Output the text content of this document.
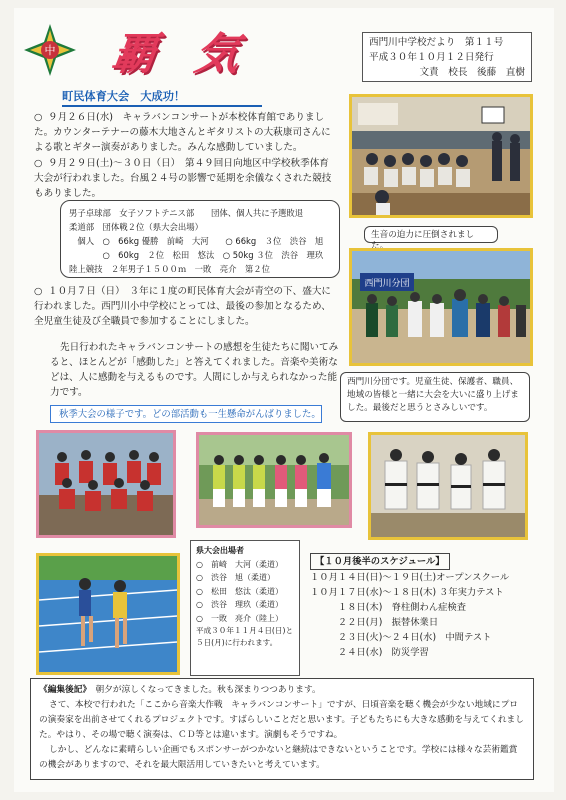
中 覇 気	西門川中学校だより　第１１号
平成３０年１０月１２日発行
文責　校長　後藤　直樹
町民体育大会　大成功！
○ ９月２６日(水)　キャラバンコンサートが本校体育館でありました。カウンターテナーの藤木大地さんとギタリストの大萩康司さんによる歌とギター演奏がありました。みんな感動していました。
○ ９月２９日(土)〜３０日（日）　第４９回日向地区中学校秋季体育大会が行われました。台風２４号の影響で延期を余儀なくされた競技もありました。
男子卓球部　女子ソフトテニス部　　団体、個人共に予選敗退
柔道部　団体戦２位（県大会出場）
　個人　○　66kg 優勝　前崎　大河　　○ 66kg　３位　渋谷　旭
　　　　○　60kg　２位　松田　悠汰　○ 50kg ３位　渋谷　理玖
陸上競技　２年男子１５００ｍ　一敗　亮介　第２位
○ １０月７日（日）　３年に１度の町民体育大会が青空の下、盛大に行われました。西門川小中学校にとっては、最後の参加となるため、全児童生徒及び全職員で参加することにしました。
先日行われたキャラバンコンサートの感想を生徒たちに聞いてみると、ほとんどが「感動した」と答えてくれました。音楽や美術などは、人に感動を与えるものです。人間にしか与えられなかった能力です。
生音の迫力に圧倒されました。
西門川分団
西門川分団です。児童生徒、保護者、職員、地域の皆様と一緒に大会を大いに盛り上げました。最後だと思うとさみしいです。
秋季大会の様子です。どの部活動も一生懸命がんばりました。
県大会出場者
○　前崎　大河（柔道）
○　渋谷　旭（柔道）
○　松田　悠汰（柔道）
○　渋谷　理玖（柔道）
○　一敗　亮介（陸上）
平成３０年１１月４日(日)と５日(月)に行われます。
【１０月後半のスケジュール】
１０月１４日(日)〜１９日(土)オープンスクール
１０月１７日(水)〜１８日(木) ３年実力テスト
　　　１８日(木)　脊柱側わん症検査
　　　２２日(月)　振替休業日
　　　２３日(火)〜２４日(水)　中間テスト
　　　２４日(水)　防災学習
《編集後記》　 朝夕が涼しくなってきました。秋も深まりつつあります。
さて、本校で行われた「ここから音楽大作戦　キャラバンコンサート」ですが、日頃音楽を聴く機会が少ない地域にプロの演奏家を出前させてくれるプロジェクトです。すばらしいことだと思います。子どもたちにも大きな感動を与えてくれました。やはり、その場で聴く演奏は、ＣＤ等とは違います。演劇もそうですね。
しかし、どんなに素晴らしい企画でもスポンサーがつかないと継続はできないということです。学校には様々な芸術鑑賞の機会がありますので、それを最大限活用していきたいと考えています。
